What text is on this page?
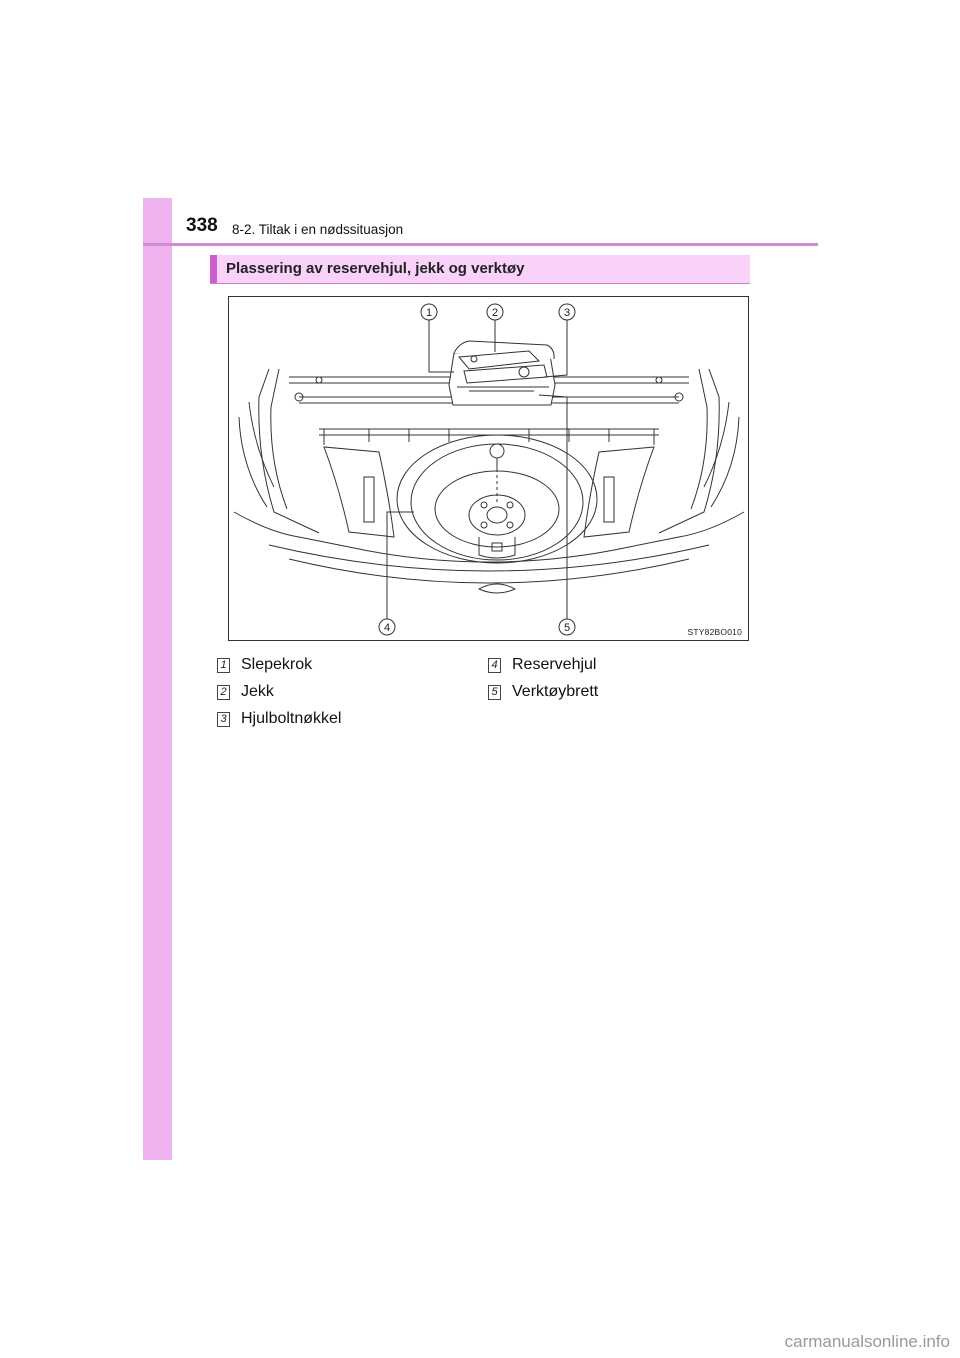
338 8-2. Tiltak i en nødssituasjon
Plassering av reservehjul, jekk og verktøy
1	2	3
4	5	STY82BO010
1 Slepekrok
2 Jekk
3 Hjulboltnøkkel
4 Reservehjul
5 Verktøybrett
carmanualsonline.info
